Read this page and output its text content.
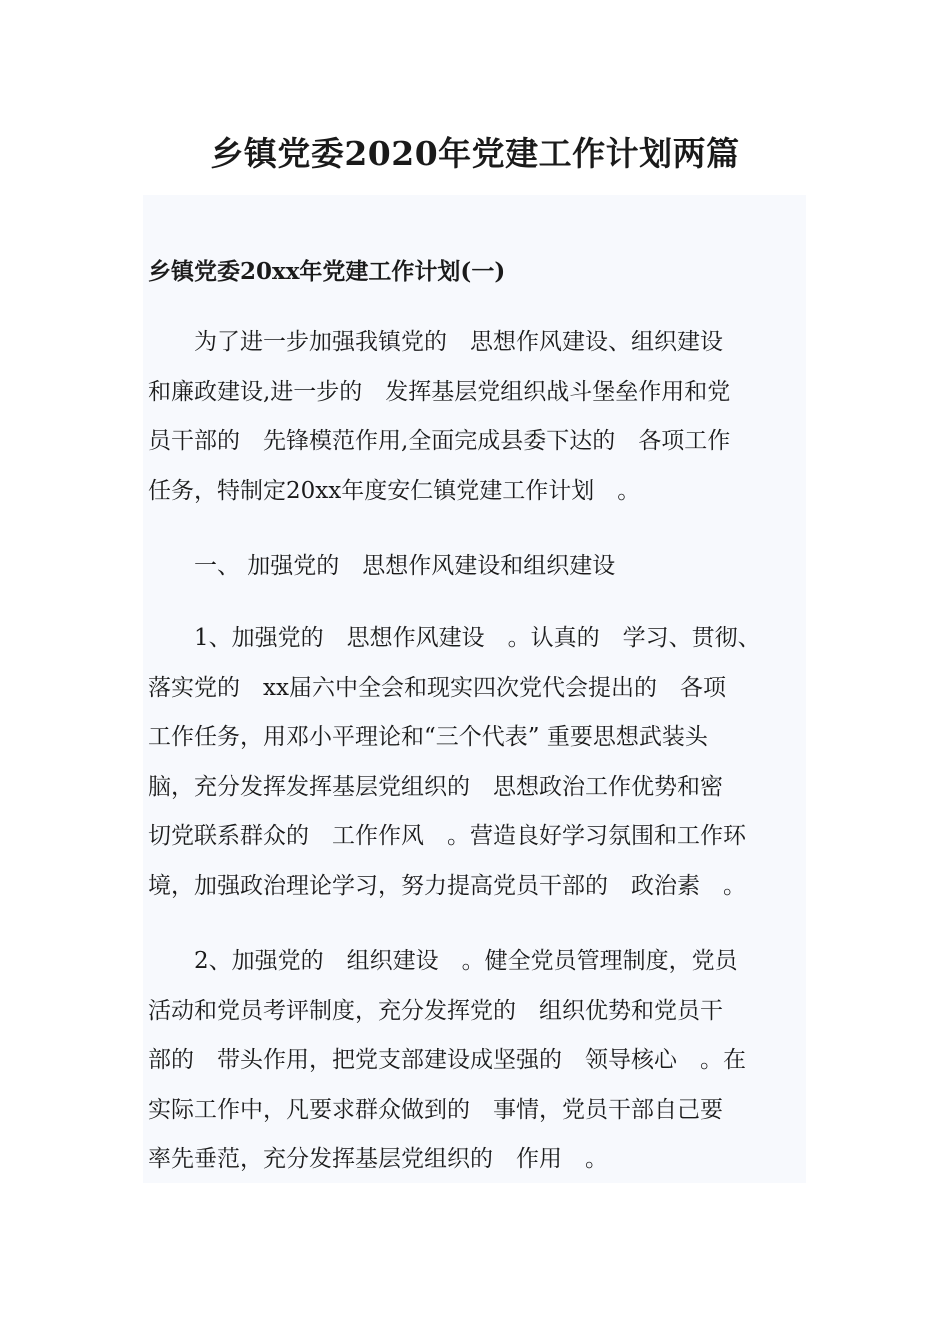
乡镇党委2020年党建工作计划两篇
乡镇党委20xx年党建工作计划(一)
为了进一步加强我镇党的　思想作风建设、组织建设
和廉政建设,进一步的　发挥基层党组织战斗堡垒作用和党
员干部的　先锋模范作用,全面完成县委下达的　各项工作
任务，特制定20xx年度安仁镇党建工作计划　。
一、 加强党的　思想作风建设和组织建设
1、加强党的　思想作风建设　。认真的　学习、贯彻、
落实党的　xx届六中全会和现实四次党代会提出的　各项
工作任务，用邓小平理论和“三个代表” 重要思想武装头
脑，充分发挥发挥基层党组织的　思想政治工作优势和密
切党联系群众的　工作作风　。营造良好学习氛围和工作环
境，加强政治理论学习，努力提高党员干部的　政治素　。
2、加强党的　组织建设　。健全党员管理制度，党员
活动和党员考评制度，充分发挥党的　组织优势和党员干
部的　带头作用，把党支部建设成坚强的　领导核心　。在
实际工作中，凡要求群众做到的　事情，党员干部自己要
率先垂范，充分发挥基层党组织的　作用　。
